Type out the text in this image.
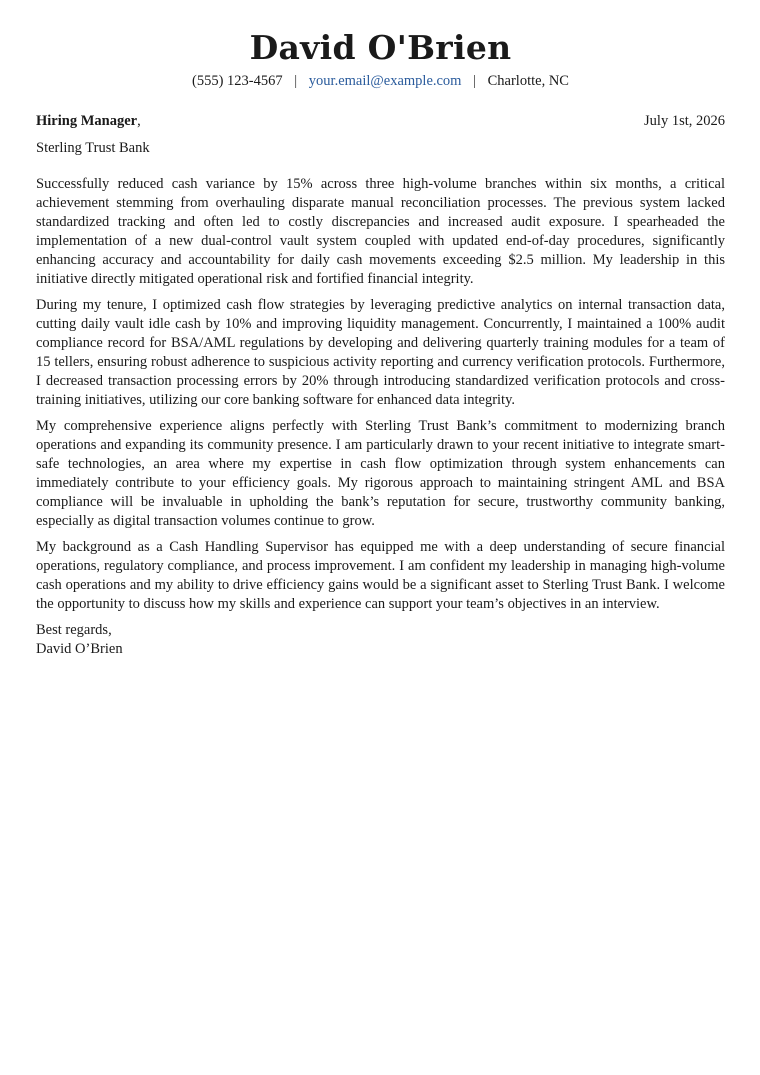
David O'Brien
(555) 123-4567 | your.email@example.com | Charlotte, NC
Hiring Manager,	July 1st, 2026
Sterling Trust Bank

Successfully reduced cash variance by 15% across three high-volume branches within six months, a critical achievement stemming from overhauling disparate manual reconciliation processes. The previous system lacked standardized tracking and often led to costly discrepancies and increased audit exposure. I spearheaded the implementation of a new dual-control vault system coupled with updated end-of-day procedures, significantly enhancing accuracy and accountability for daily cash movements exceeding $2.5 million. My leadership in this initiative directly mitigated operational risk and fortified financial integrity.

During my tenure, I optimized cash flow strategies by leveraging predictive analytics on internal transaction data, cutting daily vault idle cash by 10% and improving liquidity management. Concurrently, I maintained a 100% audit compliance record for BSA/AML regulations by developing and delivering quarterly training modules for a team of 15 tellers, ensuring robust adherence to suspicious activity reporting and currency verification protocols. Furthermore, I decreased transaction processing errors by 20% through introducing standardized verification protocols and cross-training initiatives, utilizing our core banking software for enhanced data integrity.

My comprehensive experience aligns perfectly with Sterling Trust Bank’s commitment to modernizing branch operations and expanding its community presence. I am particularly drawn to your recent initiative to integrate smart-safe technologies, an area where my expertise in cash flow optimization through system enhancements can immediately contribute to your efficiency goals. My rigorous approach to maintaining stringent AML and BSA compliance will be invaluable in upholding the bank’s reputation for secure, trustworthy community banking, especially as digital transaction volumes continue to grow.

My background as a Cash Handling Supervisor has equipped me with a deep understanding of secure financial operations, regulatory compliance, and process improvement. I am confident my leadership in managing high-volume cash operations and my ability to drive efficiency gains would be a significant asset to Sterling Trust Bank. I welcome the opportunity to discuss how my skills and experience can support your team’s objectives in an interview.

Best regards,
David O’Brien
